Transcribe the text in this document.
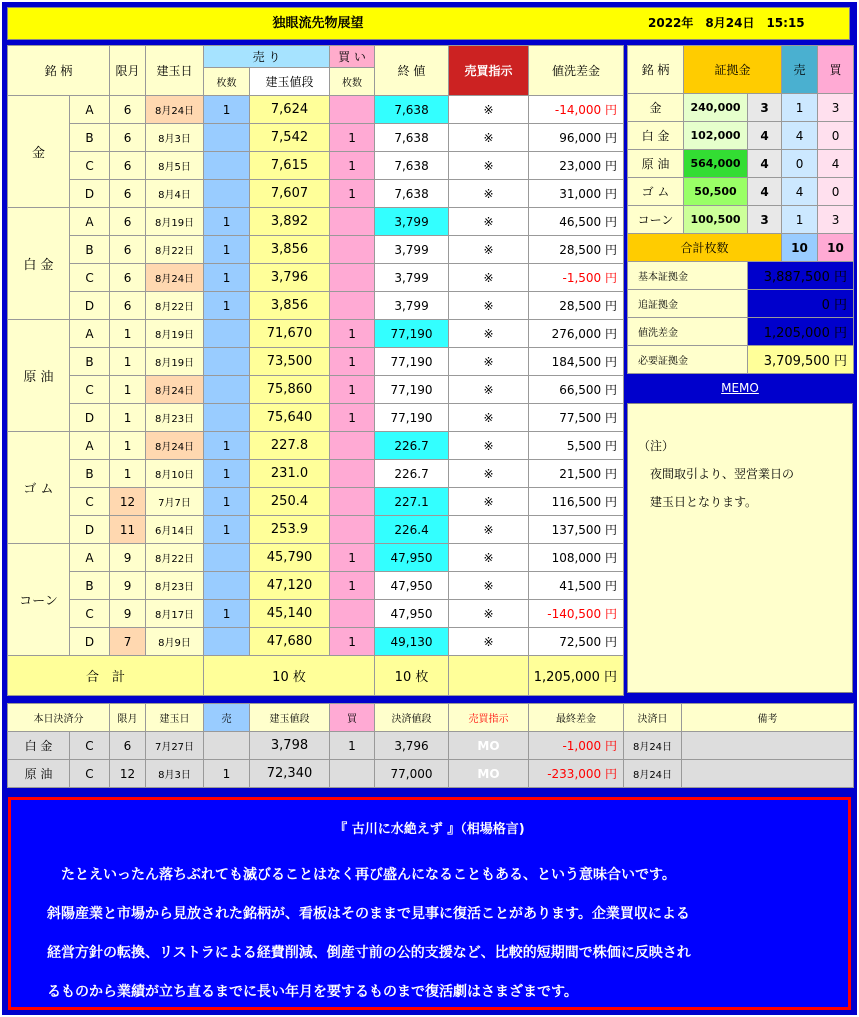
独眼流先物展望	2022年　8月24日　15:15
銘 柄		限月	建玉日	売 り		買 い	終 値	売買指示	値洗差金
				枚数	建玉値段	枚数			
金	A	6	8月24日	1	7,624		7,638	※	-14,000 円
	B	6	8月3日		7,542	1	7,638	※	96,000 円
	C	6	8月5日		7,615	1	7,638	※	23,000 円
	D	6	8月4日		7,607	1	7,638	※	31,000 円
白 金	A	6	8月19日	1	3,892		3,799	※	46,500 円
	B	6	8月22日	1	3,856		3,799	※	28,500 円
	C	6	8月24日	1	3,796		3,799	※	-1,500 円
	D	6	8月22日	1	3,856		3,799	※	28,500 円
原 油	A	1	8月19日		71,670	1	77,190	※	276,000 円
	B	1	8月19日		73,500	1	77,190	※	184,500 円
	C	1	8月24日		75,860	1	77,190	※	66,500 円
	D	1	8月23日		75,640	1	77,190	※	77,500 円
ゴ ム	A	1	8月24日	1	227.8		226.7	※	5,500 円
	B	1	8月10日	1	231.0		226.7	※	21,500 円
	C	12	7月7日	1	250.4		227.1	※	116,500 円
	D	11	6月14日	1	253.9		226.4	※	137,500 円
コーン	A	9	8月22日		45,790	1	47,950	※	108,000 円
	B	9	8月23日		47,120	1	47,950	※	41,500 円
	C	9	8月17日	1	45,140		47,950	※	-140,500 円
	D	7	8月9日		47,680	1	49,130	※	72,500 円
合　計				10 枚			10 枚		1,205,000 円
銘 柄	証拠金		売	買
金	240,000	3	1	3
白 金	102,000	4	4	0
原 油	564,000	4	0	4
ゴ ム	50,500	4	4	0
コーン	100,500	3	1	3
合計枚数			10	10
基本証拠金		3,887,500 円		
追証拠金		0 円		
値洗差金		1,205,000 円		
必要証拠金		3,709,500 円		
MEMO
（注）
　夜間取引より、翌営業日の
　建玉日となります。
本日決済分		限月	建玉日	売	建玉値段	買	決済値段	売買指示	最終差金	決済日	備考
白 金	C	6	7月27日		3,798	1	3,796	MO	-1,000 円	8月24日	
原 油	C	12	8月3日	1	72,340		77,000	MO	-233,000 円	8月24日	
『 古川に水絶えず 』（相場格言)

　たとえいったん落ちぶれても滅びることはなく再び盛んになることもある、という意味合いです。

斜陽産業と市場から見放された銘柄が、看板はそのままで見事に復活ことがあります。企業買収による

経営方針の転換、リストラによる経費削減、倒産寸前の公的支援など、比較的短期間で株価に反映され

るものから業績が立ち直るまでに長い年月を要するものまで復活劇はさまざまです。
